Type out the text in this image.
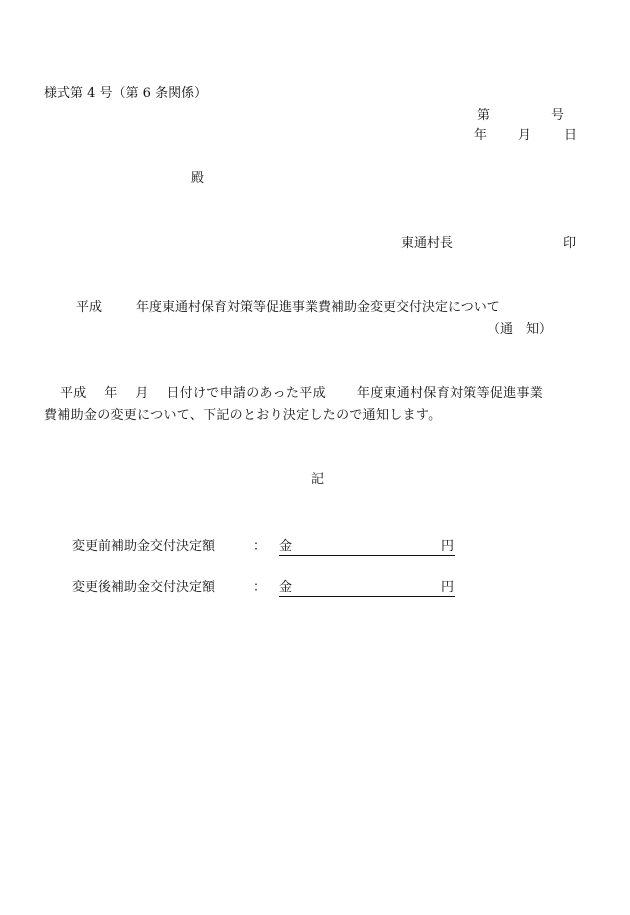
様式第 4 号（第 6 条関係）
第	号
年 月	日
殿
東通村長	印
平成	年度東通村保育対策等促進事業費補助金変更交付決定について
（通　知）
平成　 年　 月　 日付けで申請のあった平成　　 年度東通村保育対策等促進事業
費補助金の変更について、下記のとおり決定したので通知します。
記
変更前補助金交付決定額	： 金	円
変更後補助金交付決定額	： 金	円
